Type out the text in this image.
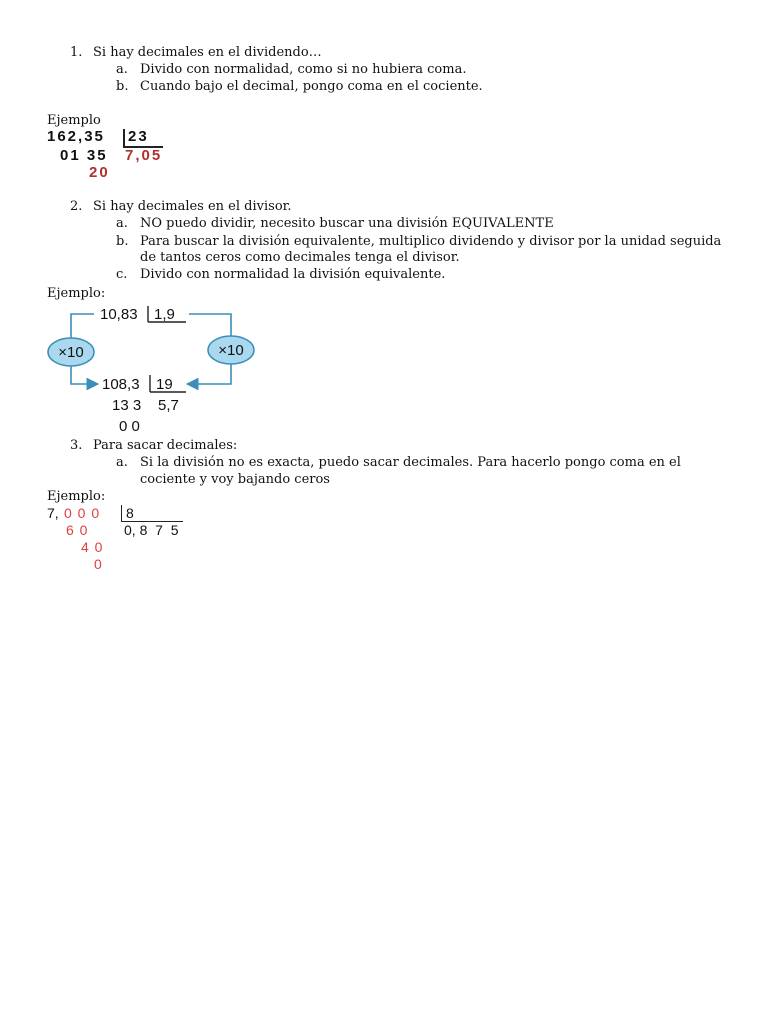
1. Si hay decimales en el dividendo…
a. Divido con normalidad, como si no hubiera coma.
b. Cuando bajo el decimal, pongo coma en el cociente.
Ejemplo
162,35 23
01 35 7,05
20
2. Si hay decimales en el divisor.
a. NO puedo dividir, necesito buscar una división EQUIVALENTE
b. Para buscar la división equivalente, multiplico dividendo y divisor por la unidad seguida
de tantos ceros como decimales tenga el divisor.
c. Divido con normalidad la división equivalente.
Ejemplo:
×10	×10
10,83 1,9
108,3 19
13 3 5,7
0 0
3. Para sacar decimales:
a. Si la división no es exacta, puedo sacar decimales. Para hacerlo pongo coma en el
cociente y voy bajando ceros
Ejemplo:
7, 0 0 0 8
6 0	0, 8  7  5
4 0
0
